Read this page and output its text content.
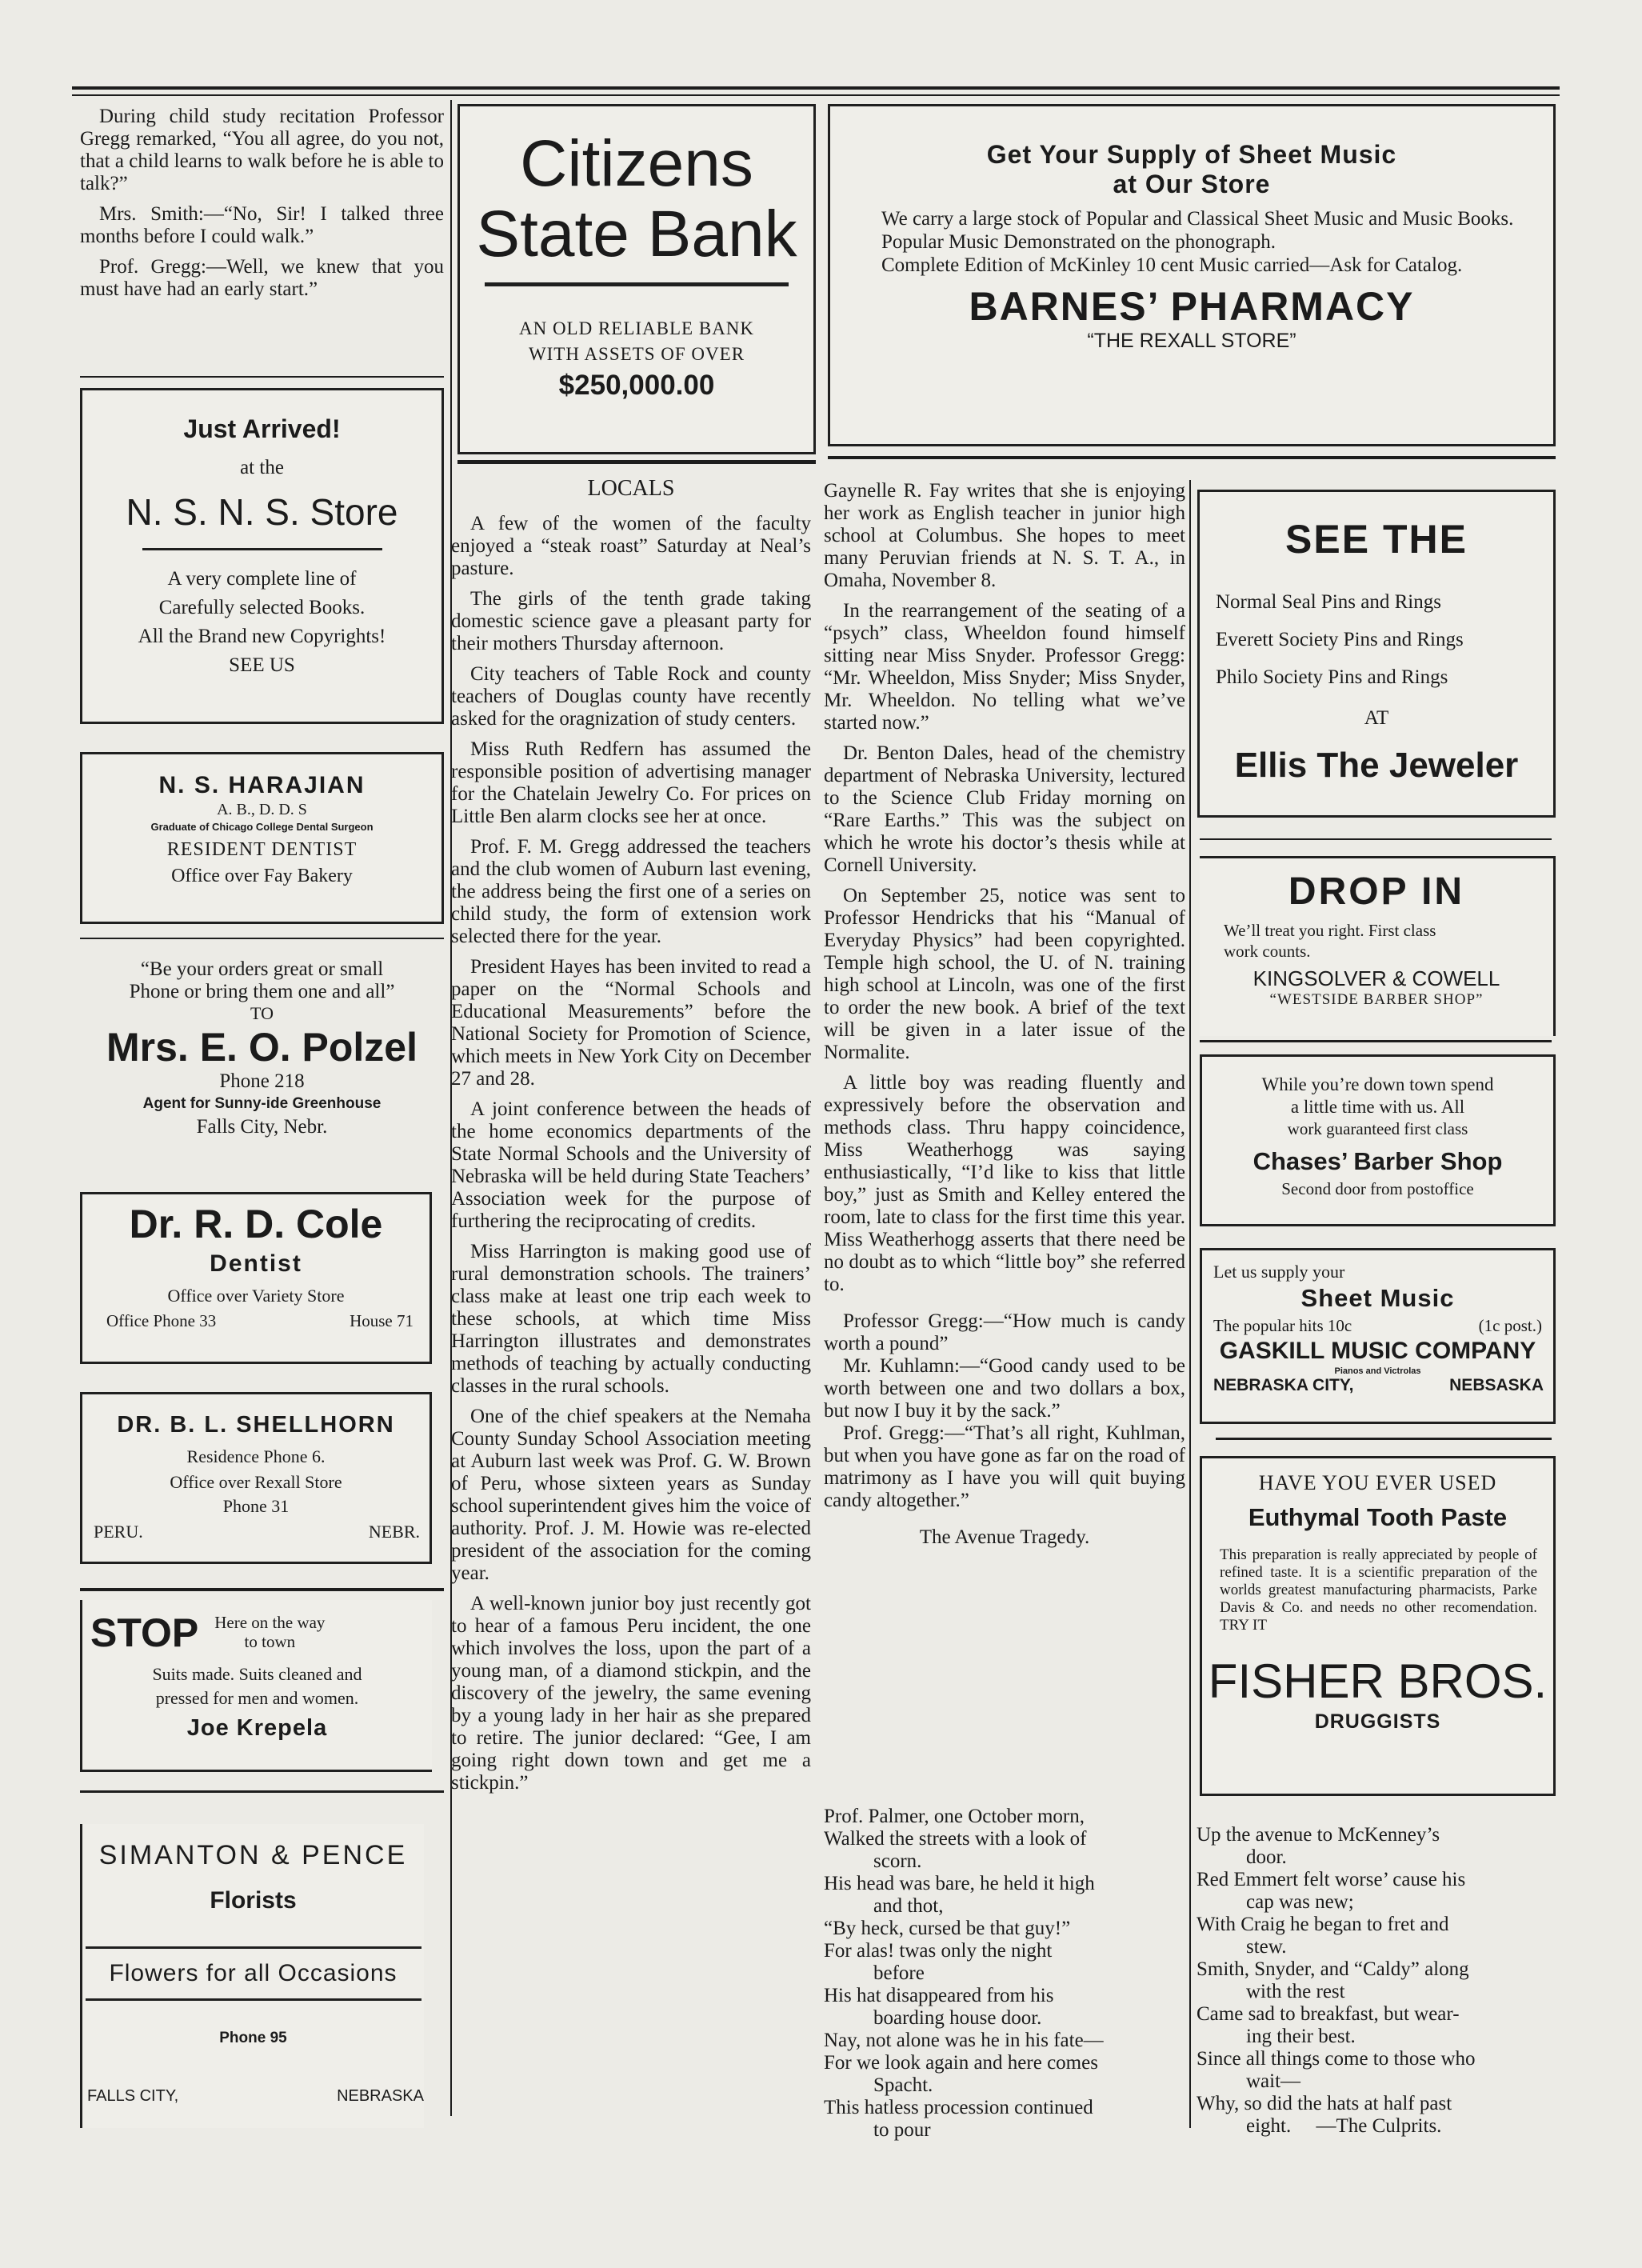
During child study recitation Professor Gregg remarked, “You all agree, do you not, that a child learns to walk before he is able to talk?”

Mrs. Smith:—“No, Sir! I talked three months before I could walk.”

Prof. Gregg:—Well, we knew that you must have had an early start.”

Just Arrived!
at the
N. S. N. S. Store
A very complete line of
Carefully selected Books.
All the Brand new Copyrights!
SEE US
N. S. HARAJIAN
A. B., D. D. S
Graduate of Chicago College Dental Surgeon
RESIDENT DENTIST
Office over Fay Bakery
“Be your orders great or small
Phone or bring them one and all”
TO
Mrs. E. O. Polzel
Phone 218
Agent for Sunny-ide Greenhouse
Falls City, Nebr.
Dr. R. D. Cole
Dentist
Office over Variety Store
Office Phone 33	House 71
DR. B. L. SHELLHORN
Residence Phone 6.
Office over Rexall Store
Phone 31
PERU.	NEBR.
STOP Here on the way
to town
Suits made. Suits cleaned and
pressed for men and women.
Joe Krepela
SIMANTON & PENCE
Florists
Flowers for all Occasions
Phone 95
FALLS CITY,	NEBRASKA
Citizens
State Bank
AN OLD RELIABLE BANK
WITH ASSETS OF OVER
$250,000.00
LOCALS

A few of the women of the faculty enjoyed a “steak roast” Saturday at Neal’s pasture.

The girls of the tenth grade taking domestic science gave a pleasant party for their mothers Thursday afternoon.

City teachers of Table Rock and county teachers of Douglas county have recently asked for the oragnization of study centers.

Miss Ruth Redfern has assumed the responsible position of advertising manager for the Chatelain Jewelry Co. For prices on Little Ben alarm clocks see her at once.

Prof. F. M. Gregg addressed the teachers and the club women of Auburn last evening, the address being the first one of a series on child study, the form of extension work selected there for the year.

President Hayes has been invited to read a paper on the “Normal Schools and Educational Measurements” before the National Society for Promotion of Science, which meets in New York City on December 27 and 28.

A joint conference between the heads of the home economics departments of the State Normal Schools and the University of Nebraska will be held during State Teachers’ Association week for the purpose of furthering the reciprocating of credits.

Miss Harrington is making good use of rural demonstration schools. The trainers’ class make at least one trip each week to these schools, at which time Miss Harrington illustrates and demonstrates methods of teaching by actually conducting classes in the rural schools.

One of the chief speakers at the Nemaha County Sunday School Association meeting at Auburn last week was Prof. G. W. Brown of Peru, whose sixteen years as Sunday school superintendent gives him the voice of authority. Prof. J. M. Howie was re-elected president of the association for the coming year.

A well-known junior boy just recently got to hear of a famous Peru incident, the one which involves the loss, upon the part of a young man, of a diamond stickpin, and the discovery of the jewelry, the same evening by a young lady in her hair as she prepared to retire. The junior declared: “Gee, I am going right down town and get me a stickpin.”

Get Your Supply of Sheet Music
at Our Store
We carry a large stock of Popular and Classical Sheet Music and Music Books.
Popular Music Demonstrated on the phonograph.
Complete Edition of McKinley 10 cent Music carried—Ask for Catalog.
BARNES’ PHARMACY
“THE REXALL STORE”

Gaynelle R. Fay writes that she is enjoying her work as English teacher in junior high school at Columbus. She hopes to meet many Peruvian friends at N. S. T. A., in Omaha, November 8.

In the rearrangement of the seating of a “psych” class, Wheeldon found himself sitting near Miss Snyder. Professor Gregg: “Mr. Wheeldon, Miss Snyder; Miss Snyder, Mr. Wheeldon. No telling what we’ve started now.”

Dr. Benton Dales, head of the chemistry department of Nebraska University, lectured to the Science Club Friday morning on “Rare Earths.” This was the subject on which he wrote his doctor’s thesis while at Cornell University.

On September 25, notice was sent to Professor Hendricks that his “Manual of Everyday Physics” had been copyrighted. Temple high school, the U. of N. training high school at Lincoln, was one of the first to order the new book. A brief of the text will be given in a later issue of the Normalite.

A little boy was reading fluently and expressively before the observation and methods class. Thru happy coincidence, Miss Weatherhogg was saying enthusiastically, “I’d like to kiss that little boy,” just as Smith and Kelley entered the room, late to class for the first time this year. Miss Weatherhogg asserts that there need be no doubt as to which “little boy” she referred to.

Professor Gregg:—“How much is candy worth a pound”

Mr. Kuhlamn:—“Good candy used to be worth between one and two dollars a box, but now I buy it by the sack.”

Prof. Gregg:—“That’s all right, Kuhlman, but when you have gone as far on the road of matrimony as I have you will quit buying candy altogether.”

The Avenue Tragedy.
Prof. Palmer, one October morn,
Walked the streets with a look of
scorn.
His head was bare, he held it high
and thot,
“By heck, cursed be that guy!”
For alas! twas only the night
before
His hat disappeared from his
boarding house door.
Nay, not alone was he in his fate—
For we look again and here comes
Spacht.
This hatless procession continued
to pour
Up the avenue to McKenney’s
door.
Red Emmert felt worse’ cause his
cap was new;
With Craig he began to fret and
stew.
Smith, Snyder, and “Caldy” along
with the rest
Came sad to breakfast, but wear-
ing their best.
Since all things come to those who
wait—
Why, so did the hats at half past
eight.     —The Culprits.
SEE THE
Normal Seal Pins and Rings
Everett Society Pins and Rings
Philo Society Pins and Rings
AT
Ellis The Jeweler
DROP IN
We’ll treat you right. First class
work counts.
KINGSOLVER & COWELL
“WESTSIDE BARBER SHOP”
While you’re down town spend
a little time with us. All
work guaranteed first class
Chases’ Barber Shop
Second door from postoffice
Let us supply your
Sheet Music
The popular hits 10c	(1c post.)
GASKILL MUSIC COMPANY
Pianos and Victrolas
NEBRASKA CITY,	NEBSASKA
HAVE YOU EVER USED
Euthymal Tooth Paste
This preparation is really appreciated by people of refined taste. It is a scientific preparation of the worlds greatest manufacturing pharmacists, Parke Davis & Co. and needs no other recomendation. TRY IT
FISHER BROS.
DRUGGISTS
